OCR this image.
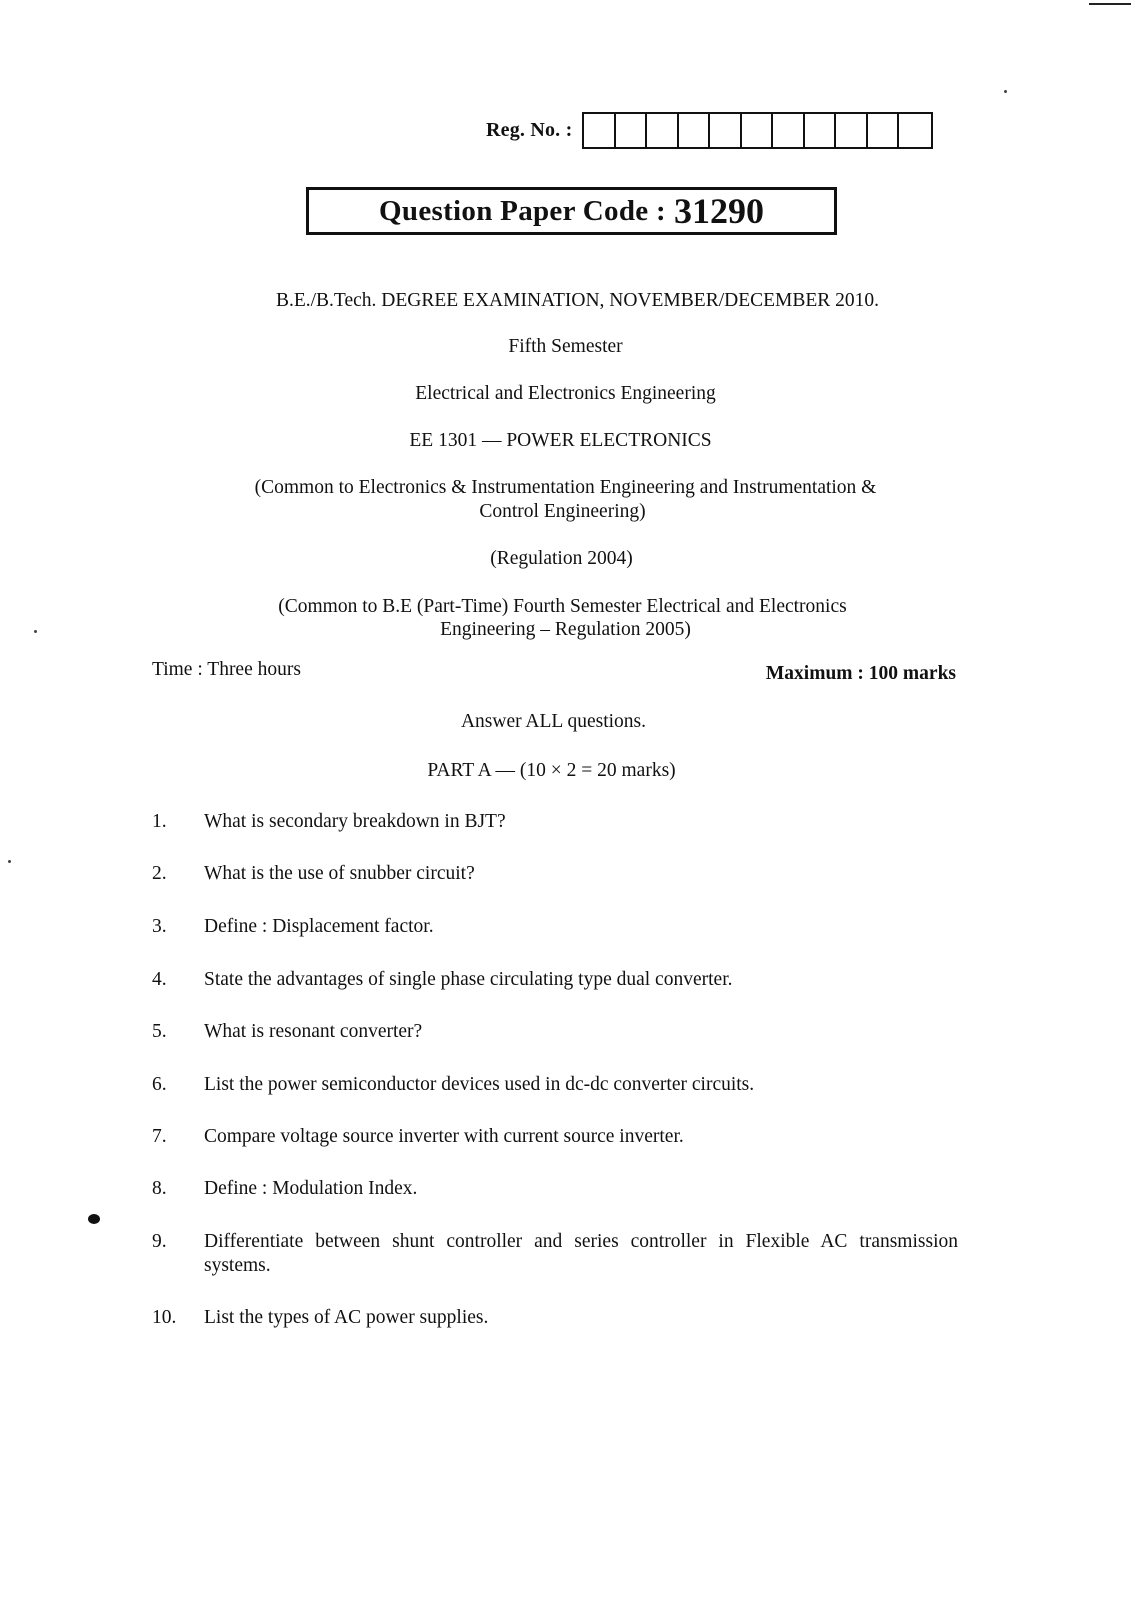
Reg. No. :
Question Paper Code : 31290
B.E./B.Tech. DEGREE EXAMINATION, NOVEMBER/DECEMBER 2010.
Fifth Semester
Electrical and Electronics Engineering
EE 1301 — POWER ELECTRONICS
(Common to Electronics & Instrumentation Engineering and Instrumentation &
Control Engineering)
(Regulation 2004)
(Common to B.E (Part-Time) Fourth Semester Electrical and Electronics
Engineering – Regulation 2005)
Time : Three hours	Maximum : 100 marks
Answer ALL questions.
PART A — (10 × 2 = 20 marks)
1.	What is secondary breakdown in BJT?
2.	What is the use of snubber circuit?
3.	Define : Displacement factor.
4.	State the advantages of single phase circulating type dual converter.
5.	What is resonant converter?
6.	List the power semiconductor devices used in dc-dc converter circuits.
7.	Compare voltage source inverter with current source inverter.
8.	Define : Modulation Index.
9.	Differentiate between shunt controller and series controller in Flexible AC transmission systems.
10.	List the types of AC power supplies.
